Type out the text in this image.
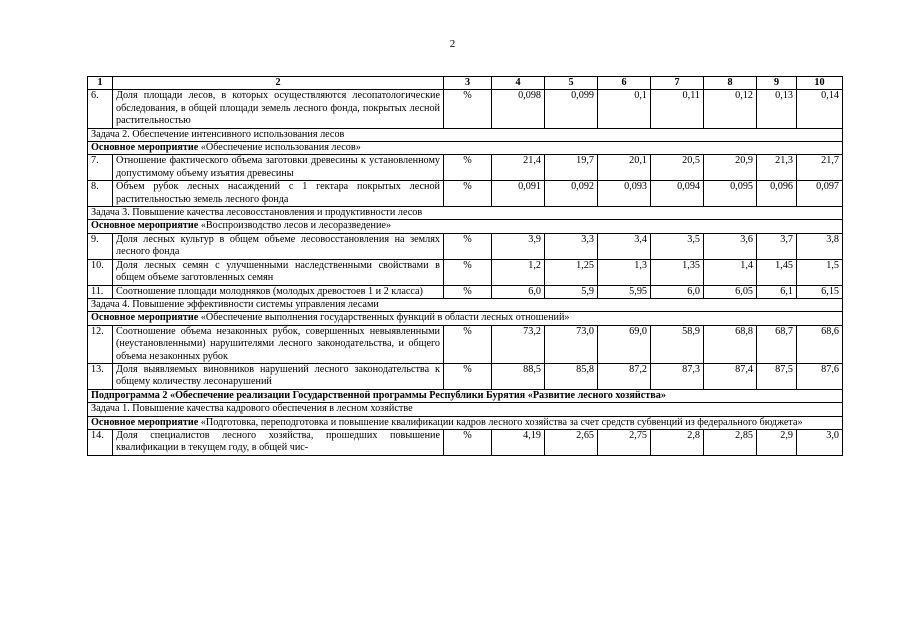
2
1	2	3	4	5	6	7	8	9	10
6.	Доля площади лесов, в которых осуществляются лесопатологические обследования, в общей площади земель лесного фонда, покрытых лесной растительностью	%	0,098	0,099	0,1	0,11	0,12	0,13	0,14
Задача 2. Обеспечение интенсивного использования лесов									
Основное мероприятие «Обеспечение использования лесов»									
7.	Отношение фактического объема заготовки древесины к установленному допустимому объему изъятия древесины	%	21,4	19,7	20,1	20,5	20,9	21,3	21,7
8.	Объем рубок лесных насаждений с 1 гектара покрытых лесной растительностью земель лесного фонда	%	0,091	0,092	0,093	0,094	0,095	0,096	0,097
Задача 3. Повышение качества лесовосстановления и продуктивности лесов									
Основное мероприятие «Воспроизводство лесов и лесоразведение»									
9.	Доля лесных культур в общем объеме лесовосстановления на землях лесного фонда	%	3,9	3,3	3,4	3,5	3,6	3,7	3,8
10.	Доля лесных семян с улучшенными наследственными свойствами в общем объеме заготовленных семян	%	1,2	1,25	1,3	1,35	1,4	1,45	1,5
11.	Соотношение площади молодняков (молодых древостоев 1 и 2 класса)	%	6,0	5,9	5,95	6,0	6,05	6,1	6,15
Задача 4. Повышение эффективности системы управления лесами									
Основное мероприятие «Обеспечение выполнения государственных функций в области лесных отношений»									
12.	Соотношение объема незаконных рубок, совершенных невыявленными (неустановленными) нарушителями лесного законодательства, и общего объема незаконных рубок	%	73,2	73,0	69,0	58,9	68,8	68,7	68,6
13.	Доля выявляемых виновников нарушений лесного законодательства к общему количеству лесонарушений	%	88,5	85,8	87,2	87,3	87,4	87,5	87,6
Подпрограмма 2 «Обеспечение реализации Государственной программы Республики Бурятия «Развитие лесного хозяйства»									
Задача 1. Повышение качества кадрового обеспечения в лесном хозяйстве									
Основное мероприятие «Подготовка, переподготовка и повышение квалификации кадров лесного хозяйства за счет средств субвенций из федерального бюджета»									
14.	Доля специалистов лесного хозяйства, прошедших повышение квалификации в текущем году, в общей чис-	%	4,19	2,65	2,75	2,8	2,85	2,9	3,0
